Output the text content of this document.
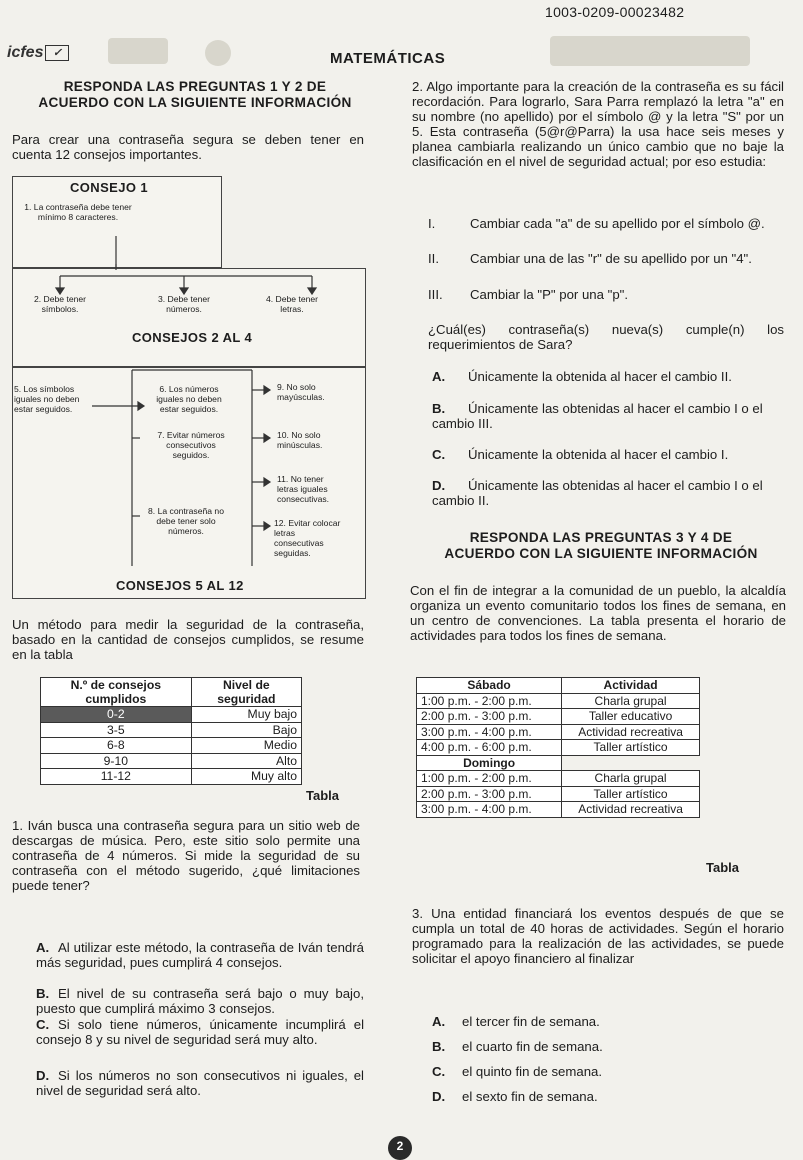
1003-0209-00023482
icfes ✓	MATEMÁTICAS
RESPONDA LAS PREGUNTAS 1 Y 2 DE
ACUERDO CON LA SIGUIENTE INFORMACIÓN
Para crear una contraseña segura se deben tener en cuenta 12 consejos importantes.
CONSEJO 1
1. La contraseña debe tener mínimo 8 caracteres.
2. Debe tener símbolos.
3. Debe tener números.
4. Debe tener letras.
CONSEJOS 2 AL 4
5. Los símbolos iguales no deben estar seguidos.
6. Los números iguales no deben estar seguidos.
7. Evitar números consecutivos seguidos.
8. La contraseña no debe tener solo números.
9. No solo mayúsculas.
10. No solo minúsculas.
11. No tener letras iguales consecutivas.
12. Evitar colocar letras consecutivas seguidas.
CONSEJOS 5 AL 12
Un método para medir la seguridad de la contraseña, basado en la cantidad de consejos cumplidos, se resume en la tabla
N.º de consejos cumplidos	Nivel de seguridad
0-2	Muy bajo
3-5	Bajo
6-8	Medio
9-10	Alto
11-12	Muy alto
Tabla
1. Iván busca una contraseña segura para un sitio web de descargas de música. Pero, este sitio solo permite una contraseña de 4 números. Si mide la seguridad de su contraseña con el método sugerido, ¿qué limitaciones puede tener?
A. Al utilizar este método, la contraseña de Iván tendrá más seguridad, pues cumplirá 4 consejos.
B. El nivel de su contraseña será bajo o muy bajo, puesto que cumplirá máximo 3 consejos.
C. Si solo tiene números, únicamente incumplirá el consejo 8 y su nivel de seguridad será muy alto.
D. Si los números no son consecutivos ni iguales, el nivel de seguridad será alto.
2. Algo importante para la creación de la contraseña es su fácil recordación. Para lograrlo, Sara Parra remplazó la letra "a" en su nombre (no apellido) por el símbolo @ y la letra "S" por un 5. Esta contraseña (5@r@Parra) la usa hace seis meses y planea cambiarla realizando un único cambio que no baje la clasificación en el nivel de seguridad actual; por eso estudia:
I.	Cambiar cada "a" de su apellido por el símbolo @.
II. Cambiar una de las "r" de su apellido por un "4".
III. Cambiar la "P" por una "p".
¿Cuál(es) contraseña(s) nueva(s) cumple(n) los requerimientos de Sara?
A. Únicamente la obtenida al hacer el cambio II.
B. Únicamente las obtenidas al hacer el cambio I o el cambio III.
C. Únicamente la obtenida al hacer el cambio I.
D. Únicamente las obtenidas al hacer el cambio I o el cambio II.
RESPONDA LAS PREGUNTAS 3 Y 4 DE
ACUERDO CON LA SIGUIENTE INFORMACIÓN
Con el fin de integrar a la comunidad de un pueblo, la alcaldía organiza un evento comunitario todos los fines de semana, en un centro de convenciones. La tabla presenta el horario de actividades para todos los fines de semana.
Sábado	Actividad
1:00 p.m. - 2:00 p.m.	Charla grupal
2:00 p.m. - 3:00 p.m.	Taller educativo
3:00 p.m. - 4:00 p.m.	Actividad recreativa
4:00 p.m. - 6:00 p.m.	Taller artístico
Domingo	
1:00 p.m. - 2:00 p.m.	Charla grupal
2:00 p.m. - 3:00 p.m.	Taller artístico
3:00 p.m. - 4:00 p.m.	Actividad recreativa
Tabla
3. Una entidad financiará los eventos después de que se cumpla un total de 40 horas de actividades. Según el horario programado para la realización de las actividades, se puede solicitar el apoyo financiero al finalizar
A. el tercer fin de semana.
B. el cuarto fin de semana.
C. el quinto fin de semana.
D. el sexto fin de semana.
2
